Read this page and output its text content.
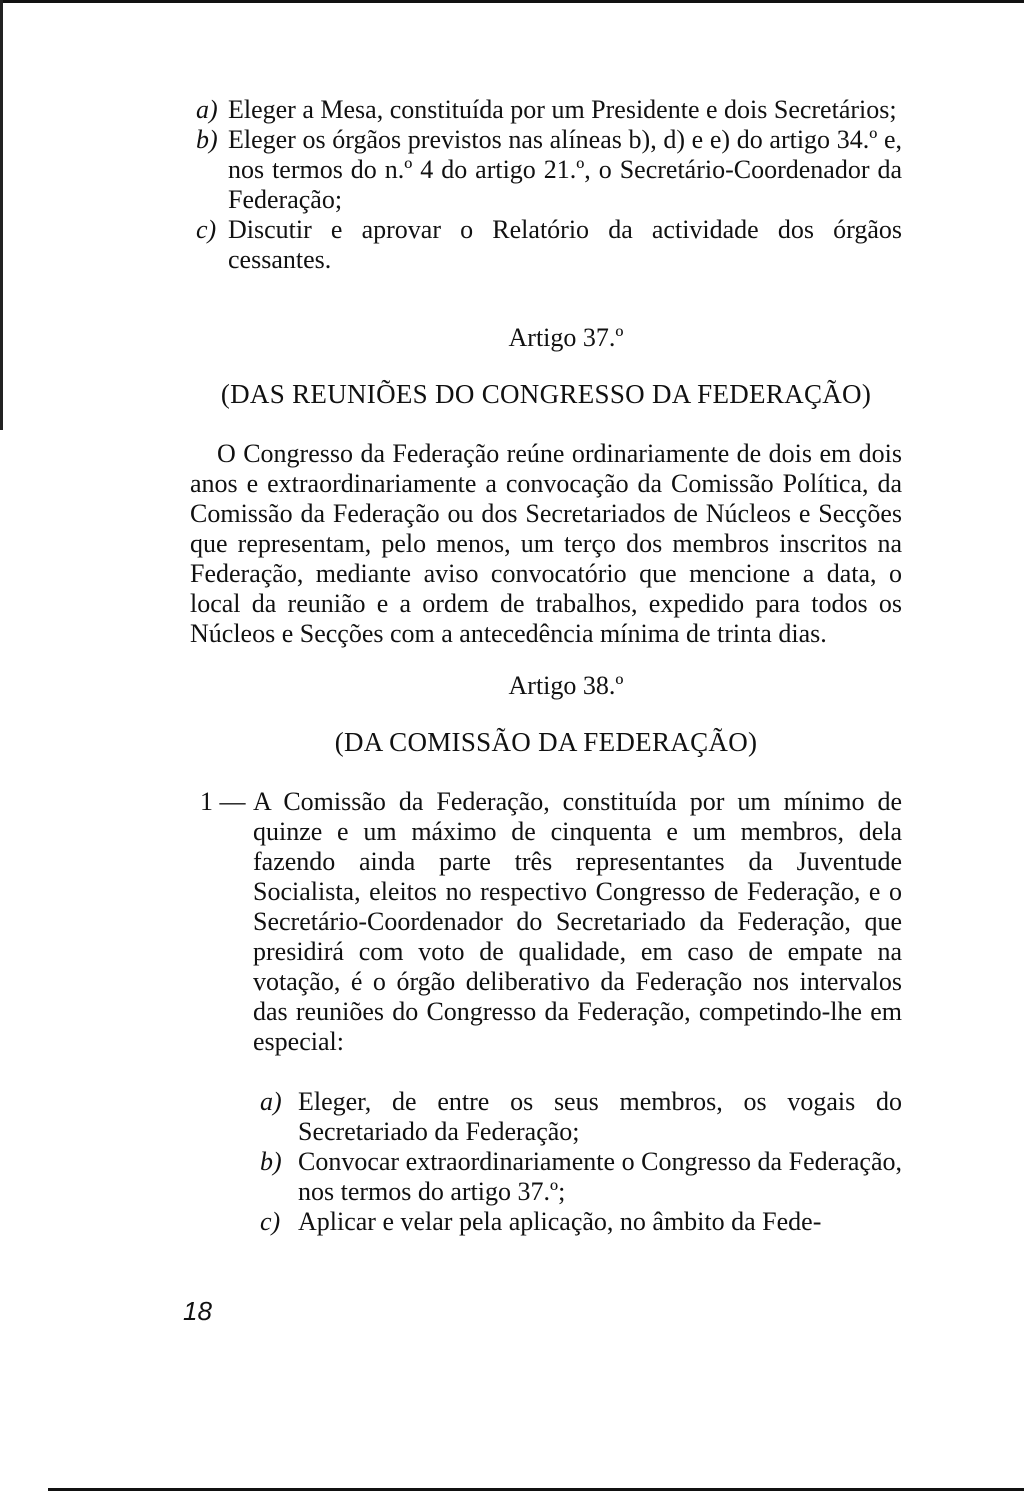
a) Eleger a Mesa, constituída por um Presidente e dois Secretários;
b) Eleger os órgãos previstos nas alíneas b), d) e e) do artigo 34.º e, nos termos do n.º 4 do artigo 21.º, o Secretário-Coordenador da Federação;
c) Discutir e aprovar o Relatório da actividade dos órgãos cessantes.
Artigo 37.º
(DAS REUNIÕES DO CONGRESSO DA FEDERAÇÃO)
O Congresso da Federação reúne ordinariamente de dois em dois anos e extraordinariamente a convocação da Comissão Política, da Comissão da Federação ou dos Secretariados de Núcleos e Secções que representam, pelo menos, um terço dos membros inscritos na Federação, mediante aviso convocatório que mencione a data, o local da reunião e a ordem de trabalhos, expedido para todos os Núcleos e Secções com a antecedência mínima de trinta dias.
Artigo 38.º
(DA COMISSÃO DA FEDERAÇÃO)
1 — A Comissão da Federação, constituída por um mínimo de quinze e um máximo de cinquenta e um membros, dela fazendo ainda parte três representantes da Juventude Socialista, eleitos no respectivo Congresso de Federação, e o Secretário-Coordenador do Secretariado da Federação, que presidirá com voto de qualidade, em caso de empate na votação, é o órgão deliberativo da Federação nos intervalos das reuniões do Congresso da Federação, competindo-lhe em especial:
a) Eleger, de entre os seus membros, os vogais do Secretariado da Federação;
b) Convocar extraordinariamente o Congresso da Federação, nos termos do artigo 37.º;
c) Aplicar e velar pela aplicação, no âmbito da Fede-
18
